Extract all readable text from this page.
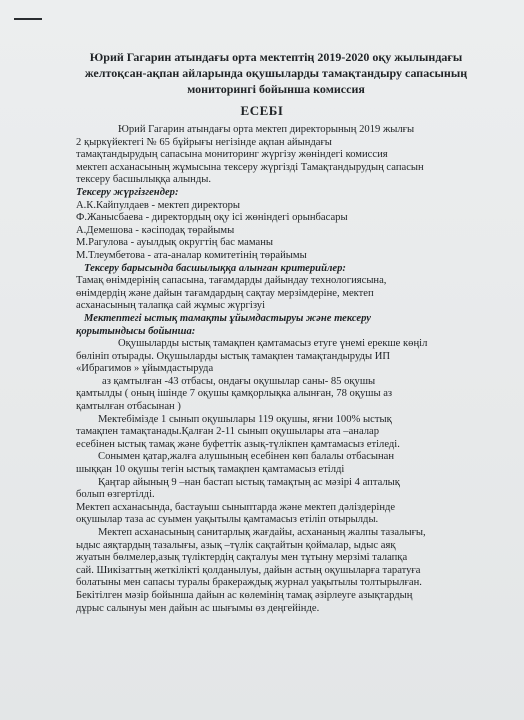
Юрий Гагарин атындағы орта мектептің 2019-2020 оқу жылындағы
желтоқсан-ақпан айларында оқушыларды тамақтандыру сапасының
мониторингі бойынша комиссия
ЕСЕБІ
Юрий Гагарин атындағы орта мектеп директорының 2019 жылғы
2 қыркүйектегі № 65 бұйрығы негізінде ақпан айындағы
тамақтандырудың сапасына мониторинг жүргізу жөніндегі комиссия
мектеп асханасының жұмысына тексеру жүргізді Тамақтандырудың сапасын
тексеру басшылыққа алынды.
Тексеру жүргізгендер:
А.К.Кайпулдаев - мектеп директоры
Ф.Жанысбаева - директордың оқу ісі жөніндегі орынбасары
А.Демешова - кәсіподақ төрайымы
М.Рагулова - ауылдық округтің бас маманы
М.Тлеумбетова - ата-аналар комитетінің төрайымы
Тексеру барысында басшылыққа алынған критерийлер:
Тамақ өнімдерінің сапасына, тағамдарды дайындау технологиясына,
өнімдердің және дайын тағамдардың сақтау мерзімдеріне, мектеп
асханасының талапқа сай жұмыс жүргізуі
Мектептегі ыстық тамақты ұйымдастыруы және тексеру
қорытындысы бойынша:
Оқушыларды ыстық тамақпен қамтамасыз етуге үнемі ерекше көңіл
бөлініп отырады. Оқушыларды ыстық тамақпен тамақтандыруды ИП
«Ибрагимов » ұйымдастыруда
аз қамтылған -43 отбасы, ондағы оқушылар саны- 85 оқушы
қамтылды ( оның ішінде 7 оқушы қамқорлықка алынған, 78 оқушы аз
қамтылған отбасынан )
Мектебімізде 1 сынып оқушылары 119 оқушы, яғни 100% ыстық
тамақпен тамақтанады.Қалған 2-11 сынып оқушылары ата –аналар
есебінен ыстық тамақ және буфеттік азық-түлікпен қамтамасыз етіледі.
Сонымен қатар,жалға алушының есебінен көп балалы отбасынан
шыққан 10 оқушы тегін ыстық тамақпен қамтамасыз етілді
Қаңтар айының 9 –нан бастап ыстық тамақтың ас мәзірі 4 апталық
болып өзгертілді.
Мектеп асханасында, бастауыш сыныптарда және мектеп дәліздерінде
оқушылар таза ас суымен уақытылы қамтамасыз етіліп отырылды.
Мектеп асханасының санитарлық жағдайы, асхананың жалпы тазалығы,
ыдыс аяқтардың тазалығы, азық –түлік сақтайтын қоймалар, ыдыс аяқ
жуатын бөлмелер,азық түліктердің сақталуы мен тұтыну мерзімі талапқа
сай. Шикізаттың жеткілікті қолданылуы, дайын астың оқушыларға таратуға
болатыны мен сапасы туралы бракераждық журнал уақытылы толтырылған.
Бекітілген мәзір бойынша дайын ас көлемінің тамақ әзірлеуге азықтардың
дұрыс салынуы мен дайын ас шығымы өз деңгейінде.
